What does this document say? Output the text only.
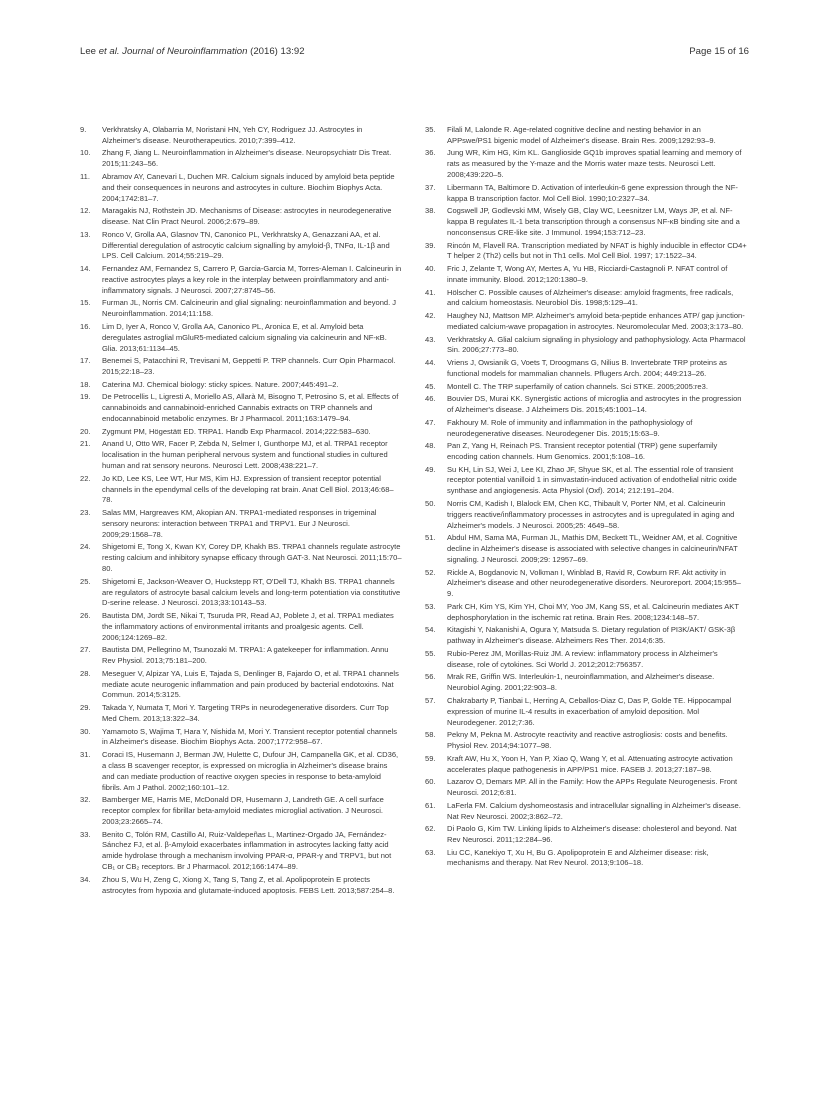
Lee et al. Journal of Neuroinflammation (2016) 13:92	Page 15 of 16
9. Verkhratsky A, Olabarria M, Noristani HN, Yeh CY, Rodriguez JJ. Astrocytes in Alzheimer's disease. Neurotherapeutics. 2010;7:399–412.
10. Zhang F, Jiang L. Neuroinflammation in Alzheimer's disease. Neuropsychiatr Dis Treat. 2015;11:243–56.
11. Abramov AY, Canevari L, Duchen MR. Calcium signals induced by amyloid beta peptide and their consequences in neurons and astrocytes in culture. Biochim Biophys Acta. 2004;1742:81–7.
12. Maragakis NJ, Rothstein JD. Mechanisms of Disease: astrocytes in neurodegenerative disease. Nat Clin Pract Neurol. 2006;2:679–89.
13. Ronco V, Grolla AA, Glasnov TN, Canonico PL, Verkhratsky A, Genazzani AA, et al. Differential deregulation of astrocytic calcium signalling by amyloid-β, TNFα, IL-1β and LPS. Cell Calcium. 2014;55:219–29.
14. Fernandez AM, Fernandez S, Carrero P, Garcia-Garcia M, Torres-Aleman I. Calcineurin in reactive astrocytes plays a key role in the interplay between proinflammatory and anti-inflammatory signals. J Neurosci. 2007;27:8745–56.
15. Furman JL, Norris CM. Calcineurin and glial signaling: neuroinflammation and beyond. J Neuroinflammation. 2014;11:158.
16. Lim D, Iyer A, Ronco V, Grolla AA, Canonico PL, Aronica E, et al. Amyloid beta deregulates astroglial mGluR5-mediated calcium signaling via calcineurin and NF-κB. Glia. 2013;61:1134–45.
17. Benemei S, Patacchini R, Trevisani M, Geppetti P. TRP channels. Curr Opin Pharmacol. 2015;22:18–23.
18. Caterina MJ. Chemical biology: sticky spices. Nature. 2007;445:491–2.
19. De Petrocellis L, Ligresti A, Moriello AS, Allarà M, Bisogno T, Petrosino S, et al. Effects of cannabinoids and cannabinoid-enriched Cannabis extracts on TRP channels and endocannabinoid metabolic enzymes. Br J Pharmacol. 2011;163:1479–94.
20. Zygmunt PM, Högestätt ED. TRPA1. Handb Exp Pharmacol. 2014;222:583–630.
21. Anand U, Otto WR, Facer P, Zebda N, Selmer I, Gunthorpe MJ, et al. TRPA1 receptor localisation in the human peripheral nervous system and functional studies in cultured human and rat sensory neurons. Neurosci Lett. 2008;438:221–7.
22. Jo KD, Lee KS, Lee WT, Hur MS, Kim HJ. Expression of transient receptor potential channels in the ependymal cells of the developing rat brain. Anat Cell Biol. 2013;46:68–78.
23. Salas MM, Hargreaves KM, Akopian AN. TRPA1-mediated responses in trigeminal sensory neurons: interaction between TRPA1 and TRPV1. Eur J Neurosci. 2009;29:1568–78.
24. Shigetomi E, Tong X, Kwan KY, Corey DP, Khakh BS. TRPA1 channels regulate astrocyte resting calcium and inhibitory synapse efficacy through GAT-3. Nat Neurosci. 2011;15:70–80.
25. Shigetomi E, Jackson-Weaver O, Huckstepp RT, O'Dell TJ, Khakh BS. TRPA1 channels are regulators of astrocyte basal calcium levels and long-term potentiation via constitutive D-serine release. J Neurosci. 2013;33:10143–53.
26. Bautista DM, Jordt SE, Nikai T, Tsuruda PR, Read AJ, Poblete J, et al. TRPA1 mediates the inflammatory actions of environmental irritants and proalgesic agents. Cell. 2006;124:1269–82.
27. Bautista DM, Pellegrino M, Tsunozaki M. TRPA1: A gatekeeper for inflammation. Annu Rev Physiol. 2013;75:181–200.
28. Meseguer V, Alpizar YA, Luis E, Tajada S, Denlinger B, Fajardo O, et al. TRPA1 channels mediate acute neurogenic inflammation and pain produced by bacterial endotoxins. Nat Commun. 2014;5:3125.
29. Takada Y, Numata T, Mori Y. Targeting TRPs in neurodegenerative disorders. Curr Top Med Chem. 2013;13:322–34.
30. Yamamoto S, Wajima T, Hara Y, Nishida M, Mori Y. Transient receptor potential channels in Alzheimer's disease. Biochim Biophys Acta. 2007;1772:958–67.
31. Coraci IS, Husemann J, Berman JW, Hulette C, Dufour JH, Campanella GK, et al. CD36, a class B scavenger receptor, is expressed on microglia in Alzheimer's disease brains and can mediate production of reactive oxygen species in response to beta-amyloid fibrils. Am J Pathol. 2002;160:101–12.
32. Bamberger ME, Harris ME, McDonald DR, Husemann J, Landreth GE. A cell surface receptor complex for fibrillar beta-amyloid mediates microglial activation. J Neurosci. 2003;23:2665–74.
33. Benito C, Tolón RM, Castillo AI, Ruiz-Valdepeñas L, Martinez-Orgado JA, Fernández-Sánchez FJ, et al. β-Amyloid exacerbates inflammation in astrocytes lacking fatty acid amide hydrolase through a mechanism involving PPAR-α, PPAR-γ and TRPV1, but not CB₁ or CB₂ receptors. Br J Pharmacol. 2012;166:1474–89.
34. Zhou S, Wu H, Zeng C, Xiong X, Tang S, Tang Z, et al. Apolipoprotein E protects astrocytes from hypoxia and glutamate-induced apoptosis. FEBS Lett. 2013;587:254–8.
35. Filali M, Lalonde R. Age-related cognitive decline and nesting behavior in an APPswe/PS1 bigenic model of Alzheimer's disease. Brain Res. 2009;1292:93–9.
36. Jung WR, Kim HG, Kim KL. Ganglioside GQ1b improves spatial learning and memory of rats as measured by the Y-maze and the Morris water maze tests. Neurosci Lett. 2008;439:220–5.
37. Libermann TA, Baltimore D. Activation of interleukin-6 gene expression through the NF-kappa B transcription factor. Mol Cell Biol. 1990;10:2327–34.
38. Cogswell JP, Godlevski MM, Wisely GB, Clay WC, Leesnitzer LM, Ways JP, et al. NF-kappa B regulates IL-1 beta transcription through a consensus NF-κB binding site and a nonconsensus CRE-like site. J Immunol. 1994;153:712–23.
39. Rincón M, Flavell RA. Transcription mediated by NFAT is highly inducible in effector CD4+ T helper 2 (Th2) cells but not in Th1 cells. Mol Cell Biol. 1997; 17:1522–34.
40. Fric J, Zelante T, Wong AY, Mertes A, Yu HB, Ricciardi-Castagnoli P. NFAT control of innate immunity. Blood. 2012;120:1380–9.
41. Hölscher C. Possible causes of Alzheimer's disease: amyloid fragments, free radicals, and calcium homeostasis. Neurobiol Dis. 1998;5:129–41.
42. Haughey NJ, Mattson MP. Alzheimer's amyloid beta-peptide enhances ATP/ gap junction-mediated calcium-wave propagation in astrocytes. Neuromolecular Med. 2003;3:173–80.
43. Verkhratsky A. Glial calcium signaling in physiology and pathophysiology. Acta Pharmacol Sin. 2006;27:773–80.
44. Vriens J, Owsianik G, Voets T, Droogmans G, Nilius B. Invertebrate TRP proteins as functional models for mammalian channels. Pflugers Arch. 2004; 449:213–26.
45. Montell C. The TRP superfamily of cation channels. Sci STKE. 2005;2005:re3.
46. Bouvier DS, Murai KK. Synergistic actions of microglia and astrocytes in the progression of Alzheimer's disease. J Alzheimers Dis. 2015;45:1001–14.
47. Fakhoury M. Role of immunity and inflammation in the pathophysiology of neurodegenerative diseases. Neurodegener Dis. 2015;15:63–9.
48. Pan Z, Yang H, Reinach PS. Transient receptor potential (TRP) gene superfamily encoding cation channels. Hum Genomics. 2001;5:108–16.
49. Su KH, Lin SJ, Wei J, Lee KI, Zhao JF, Shyue SK, et al. The essential role of transient receptor potential vanilloid 1 in simvastatin-induced activation of endothelial nitric oxide synthase and angiogenesis. Acta Physiol (Oxf). 2014; 212:191–204.
50. Norris CM, Kadish I, Blalock EM, Chen KC, Thibault V, Porter NM, et al. Calcineurin triggers reactive/inflammatory processes in astrocytes and is upregulated in aging and Alzheimer's models. J Neurosci. 2005;25: 4649–58.
51. Abdul HM, Sama MA, Furman JL, Mathis DM, Beckett TL, Weidner AM, et al. Cognitive decline in Alzheimer's disease is associated with selective changes in calcineurin/NFAT signaling. J Neurosci. 2009;29: 12957–69.
52. Rickle A, Bogdanovic N, Volkman I, Winblad B, Ravid R, Cowburn RF. Akt activity in Alzheimer's disease and other neurodegenerative disorders. Neuroreport. 2004;15:955–9.
53. Park CH, Kim YS, Kim YH, Choi MY, Yoo JM, Kang SS, et al. Calcineurin mediates AKT dephosphorylation in the ischemic rat retina. Brain Res. 2008;1234:148–57.
54. Kitagishi Y, Nakanishi A, Ogura Y, Matsuda S. Dietary regulation of PI3K/AKT/ GSK-3β pathway in Alzheimer's disease. Alzheimers Res Ther. 2014;6:35.
55. Rubio-Perez JM, Morillas-Ruiz JM. A review: inflammatory process in Alzheimer's disease, role of cytokines. Sci World J. 2012;2012:756357.
56. Mrak RE, Griffin WS. Interleukin-1, neuroinflammation, and Alzheimer's disease. Neurobiol Aging. 2001;22:903–8.
57. Chakrabarty P, Tianbai L, Herring A, Ceballos-Diaz C, Das P, Golde TE. Hippocampal expression of murine IL-4 results in exacerbation of amyloid deposition. Mol Neurodegener. 2012;7:36.
58. Pekny M, Pekna M. Astrocyte reactivity and reactive astrogliosis: costs and benefits. Physiol Rev. 2014;94:1077–98.
59. Kraft AW, Hu X, Yoon H, Yan P, Xiao Q, Wang Y, et al. Attenuating astrocyte activation accelerates plaque pathogenesis in APP/PS1 mice. FASEB J. 2013;27:187–98.
60. Lazarov O, Demars MP. All in the Family: How the APPs Regulate Neurogenesis. Front Neurosci. 2012;6:81.
61. LaFerla FM. Calcium dyshomeostasis and intracellular signalling in Alzheimer's disease. Nat Rev Neurosci. 2002;3:862–72.
62. Di Paolo G, Kim TW. Linking lipids to Alzheimer's disease: cholesterol and beyond. Nat Rev Neurosci. 2011;12:284–96.
63. Liu CC, Kanekiyo T, Xu H, Bu G. Apolipoprotein E and Alzheimer disease: risk, mechanisms and therapy. Nat Rev Neurol. 2013;9:106–18.
